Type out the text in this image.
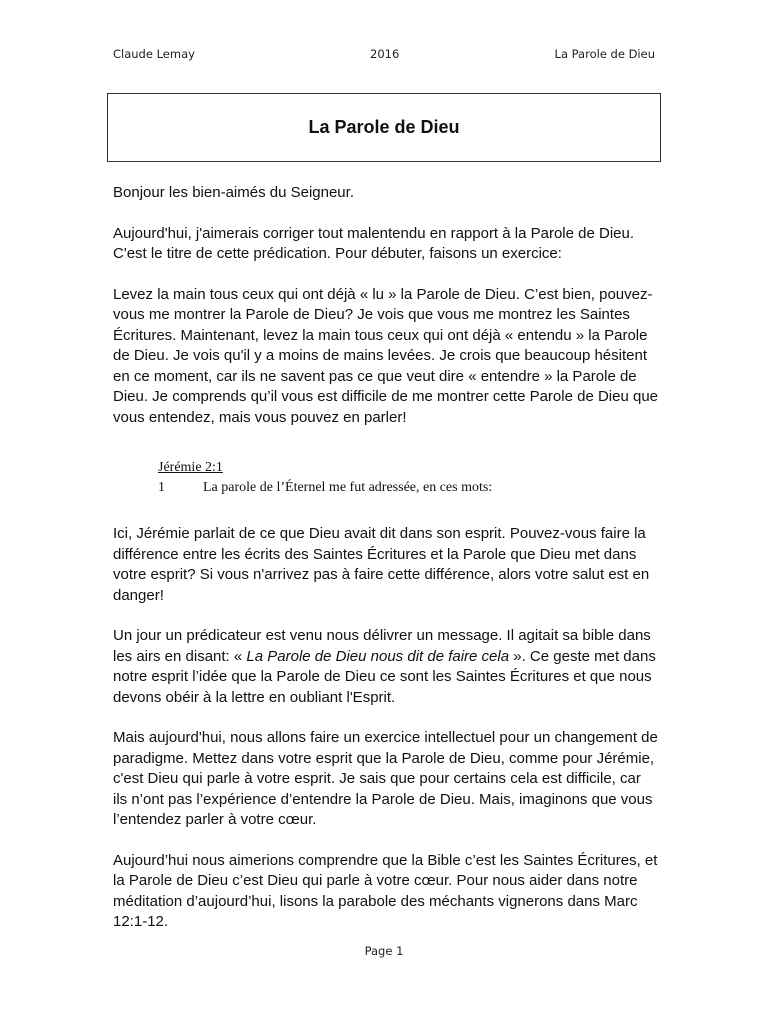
Claude Lemay	2016	La Parole de Dieu
La Parole de Dieu

Bonjour les bien-aimés du Seigneur.

Aujourd'hui, j'aimerais corriger tout malentendu en rapport à la Parole de Dieu. C'est le titre de cette prédication. Pour débuter, faisons un exercice:

Levez la main tous ceux qui ont déjà « lu » la Parole de Dieu. C’est bien, pouvez-vous me montrer la Parole de Dieu? Je vois que vous me montrez les Saintes Écritures. Maintenant, levez la main tous ceux qui ont déjà « entendu » la Parole de Dieu. Je vois qu'il y a moins de mains levées. Je crois que beaucoup hésitent en ce moment, car ils ne savent pas ce que veut dire « entendre » la Parole de Dieu. Je comprends qu’il vous est difficile de me montrer cette Parole de Dieu que vous entendez, mais vous pouvez en parler!

Jérémie 2:1
1	La parole de l’Éternel me fut adressée, en ces mots:

Ici, Jérémie parlait de ce que Dieu avait dit dans son esprit. Pouvez-vous faire la différence entre les écrits des Saintes Écritures et la Parole que Dieu met dans votre esprit? Si vous n'arrivez pas à faire cette différence, alors votre salut est en danger!

Un jour un prédicateur est venu nous délivrer un message. Il agitait sa bible dans les airs en disant: « La Parole de Dieu nous dit de faire cela ». Ce geste met dans notre esprit l’idée que la Parole de Dieu ce sont les Saintes Écritures et que nous devons obéir à la lettre en oubliant l'Esprit.

Mais aujourd'hui, nous allons faire un exercice intellectuel pour un changement de paradigme. Mettez dans votre esprit que la Parole de Dieu, comme pour Jérémie, c'est Dieu qui parle à votre esprit. Je sais que pour certains cela est difficile, car ils n’ont pas l’expérience d’entendre la Parole de Dieu. Mais, imaginons que vous l’entendez parler à votre cœur.

Aujourd’hui nous aimerions comprendre que la Bible c’est les Saintes Écritures, et la Parole de Dieu c’est Dieu qui parle à votre cœur. Pour nous aider dans notre méditation d’aujourd’hui, lisons la parabole des méchants vignerons dans Marc 12:1-12.

Page 1
